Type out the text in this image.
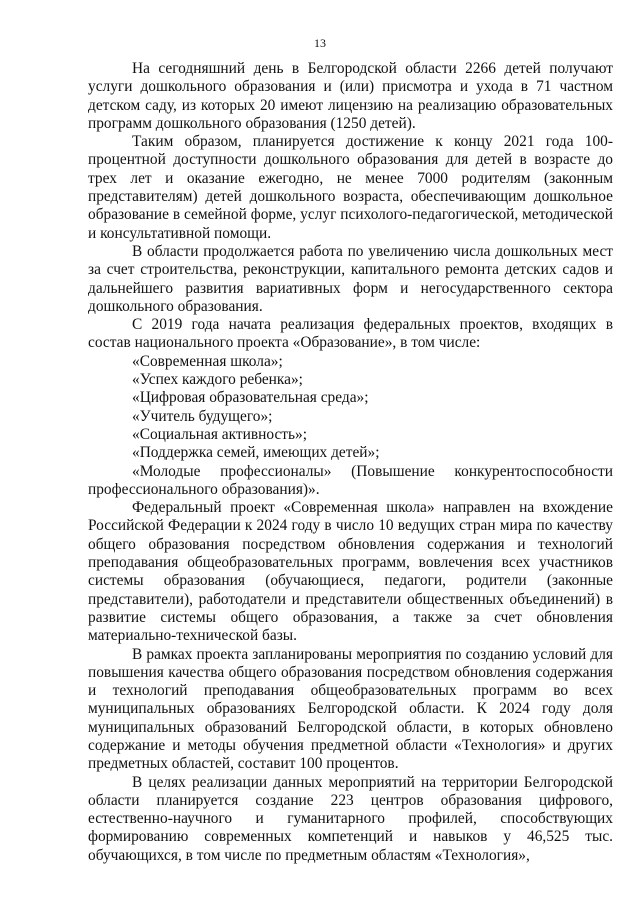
13

На сегодняшний день в Белгородской области 2266 детей получают услуги дошкольного образования и (или) присмотра и ухода в 71 частном детском саду, из которых 20 имеют лицензию на реализацию образовательных программ дошкольного образования (1250 детей).

Таким образом, планируется достижение к концу 2021 года 100-процентной доступности дошкольного образования для детей в возрасте до трех лет и оказание ежегодно, не менее 7000 родителям (законным представителям) детей дошкольного возраста, обеспечивающим дошкольное образование в семейной форме, услуг психолого-педагогической, методической и консультативной помощи.

В области продолжается работа по увеличению числа дошкольных мест за счет строительства, реконструкции, капитального ремонта детских садов и дальнейшего развития вариативных форм и негосударственного сектора дошкольного образования.

С 2019 года начата реализация федеральных проектов, входящих в состав национального проекта «Образование», в том числе:

«Современная школа»;

«Успех каждого ребенка»;

«Цифровая образовательная среда»;

«Учитель будущего»;

«Социальная активность»;

«Поддержка семей, имеющих детей»;

«Молодые профессионалы» (Повышение конкурентоспособности профессионального образования)».

Федеральный проект «Современная школа» направлен на вхождение Российской Федерации к 2024 году в число 10 ведущих стран мира по качеству общего образования посредством обновления содержания и технологий преподавания общеобразовательных программ, вовлечения всех участников системы образования (обучающиеся, педагоги, родители (законные представители), работодатели и представители общественных объединений) в развитие системы общего образования, а также за счет обновления материально-технической базы.

В рамках проекта запланированы мероприятия по созданию условий для повышения качества общего образования посредством обновления содержания и технологий преподавания общеобразовательных программ во всех муниципальных образованиях Белгородской области. К 2024 году доля муниципальных образований Белгородской области, в которых обновлено содержание и методы обучения предметной области «Технология» и других предметных областей, составит 100 процентов.

В целях реализации данных мероприятий на территории Белгородской области планируется создание 223 центров образования цифрового, естественно-научного и гуманитарного профилей, способствующих формированию современных компетенций и навыков у 46,525 тыс. обучающихся, в том числе по предметным областям «Технология»,
